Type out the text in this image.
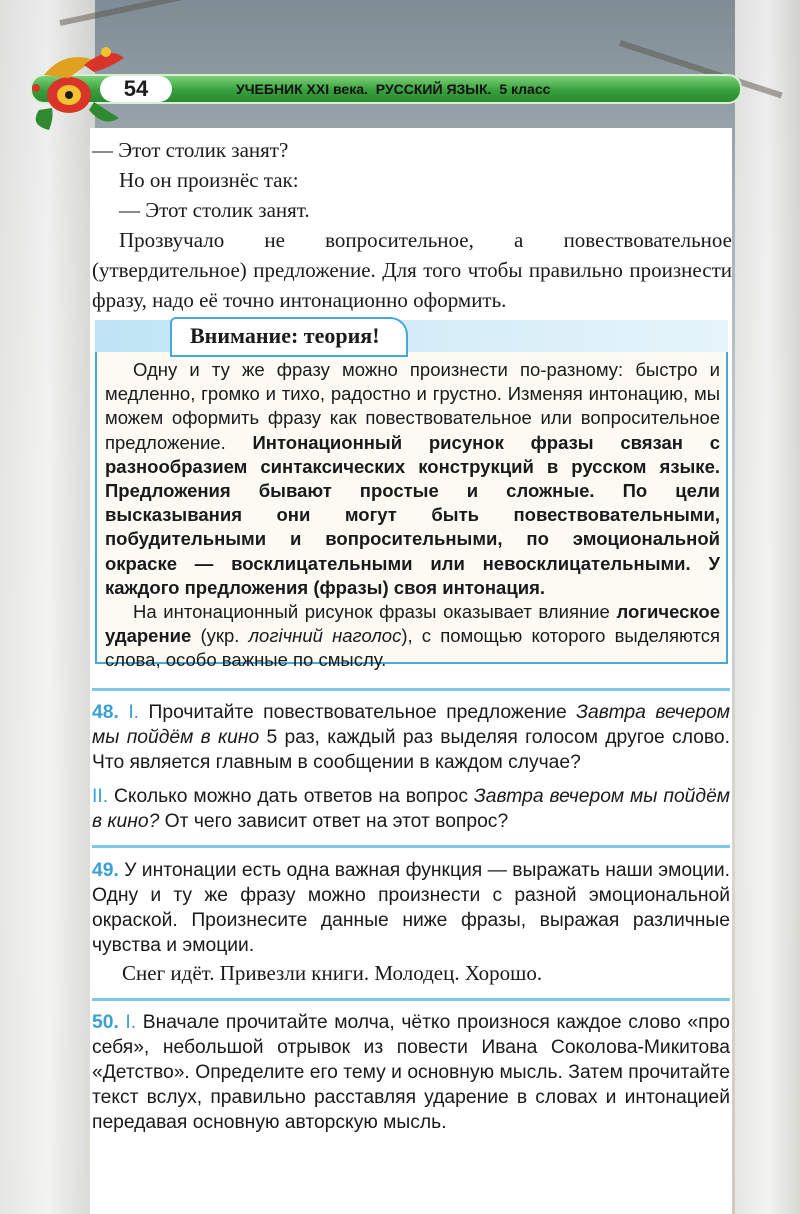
54	УЧЕБНИК XXI века. РУССКИЙ ЯЗЫК. 5 класс

— Этот столик занят?

Но он произнёс так:

— Этот столик занят.

Прозвучало не вопросительное, а повествовательное (утвердительное) предложение. Для того чтобы правильно произнести фразу, надо её точно интонационно оформить.

Внимание: теория!

Одну и ту же фразу можно произнести по-разному: быстро и медленно, громко и тихо, радостно и грустно. Изменяя интонацию, мы можем оформить фразу как повествовательное или вопросительное предложение. Интонационный рисунок фразы связан с разнообразием синтаксических конструкций в русском языке. Предложения бывают простые и сложные. По цели высказывания они могут быть повествовательными, побудительными и вопросительными, по эмоциональной окраске — восклицательными или невосклицательными. У каждого предложения (фразы) своя интонация.

На интонационный рисунок фразы оказывает влияние логическое ударение (укр. логічний наголос), с помощью которого выделяются слова, особо важные по смыслу.

48. I. Прочитайте повествовательное предложение Завтра вечером мы пойдём в кино 5 раз, каждый раз выделяя голосом другое слово. Что является главным в сообщении в каждом случае?

II. Сколько можно дать ответов на вопрос Завтра вечером мы пойдём в кино? От чего зависит ответ на этот вопрос?

49. У интонации есть одна важная функция — выражать наши эмоции. Одну и ту же фразу можно произнести с разной эмоциональной окраской. Произнесите данные ниже фразы, выражая различные чувства и эмоции.

Снег идёт. Привезли книги. Молодец. Хорошо.

50. I. Вначале прочитайте молча, чётко произнося каждое слово «про себя», небольшой отрывок из повести Ивана Соколова-Микитова «Детство». Определите его тему и основную мысль. Затем прочитайте текст вслух, правильно расставляя ударение в словах и интонацией передавая основную авторскую мысль.
